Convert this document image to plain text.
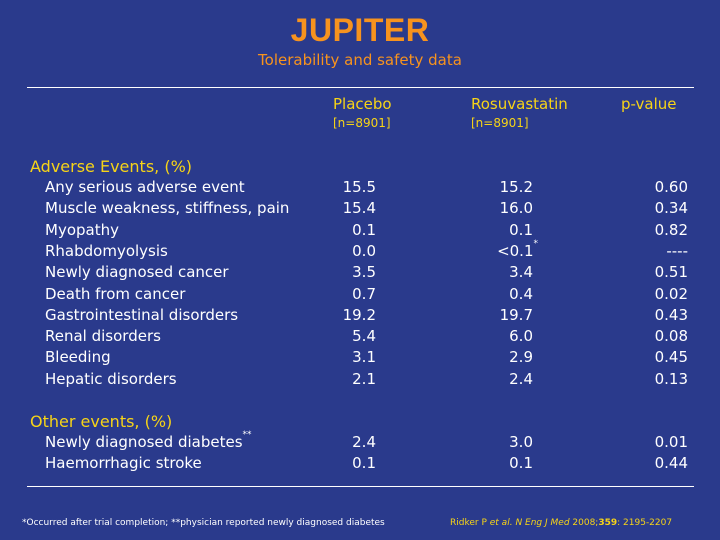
JUPITER
Tolerability and safety data
Placebo	Rosuvastatin	p-value
[n=8901]	[n=8901]
Adverse Events, (%)
Any serious adverse event	15.5	15.2	0.60
Muscle weakness, stiffness, pain	15.4	16.0	0.34
Myopathy	0.1	0.1	0.82
Rhabdomyolysis	0.0	<0.1*	----
Newly diagnosed cancer	3.5	3.4	0.51
Death from cancer	0.7	0.4	0.02
Gastrointestinal disorders	19.2	19.7	0.43
Renal disorders	5.4	6.0	0.08
Bleeding	3.1	2.9	0.45
Hepatic disorders	2.1	2.4	0.13
Other events, (%)
Newly diagnosed diabetes**	2.4	3.0	0.01
Haemorrhagic stroke	0.1	0.1	0.44
*Occurred after trial completion; **physician reported newly diagnosed diabetes	Ridker P et al. N Eng J Med 2008;359: 2195-2207
